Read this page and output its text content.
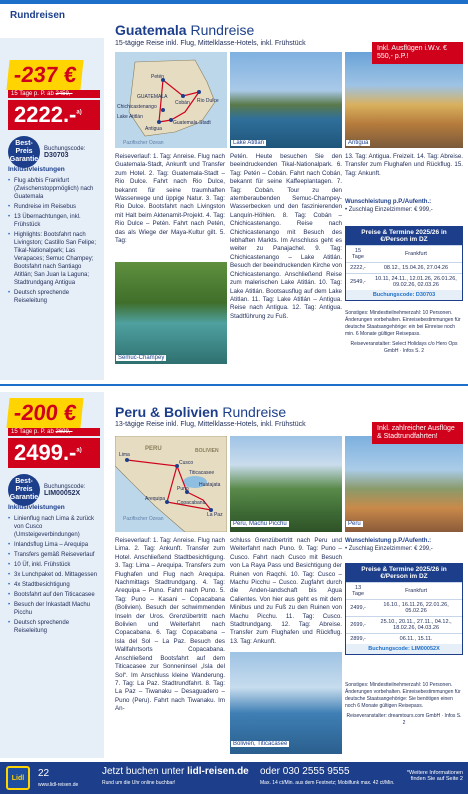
Rundreisen
-237 €
15 Tage p. P. ab 2459,-
2222.-$^{a)}$
Best-Preis Garantie
Buchungscode:
D30703
Inklusivleistungen
• Flug ab/bis Frankfurt (Zwischenstoppmöglich) nach Guatemala
• Rundreise im Reisebus
• 13 Übernachtungen, inkl. Frühstück
• Highlights: Bootsfahrt nach Livingston; Castillo San Felipe; Tikal-Nationalpark; Las Verapaces; Semuc Champey; Bootsfahrt nach Santiago Atitlán; San Juan la Laguna; Stadtrundgang Antigua
• Deutsch sprechende Reiseleitung
Guatemala Rundreise
15-tägige Reise inkl. Flug, Mittelklasse-Hotels, inkl. Frühstück
Petén
GUATEMALA
Cobán
Chichicastenango
Rio Dulce
Lake Atitlán
Guatemala-Stadt
Antigua
Pazifischer Ozean	Lake Atitlan	Antigua
Inkl. Ausflügen i.W.v. € 550,- p.P.!
Reiseverlauf: 1. Tag: Anreise. Flug nach Guatemala-Stadt, Ankunft und Transfer zum Hotel. 2. Tag: Guatemala-Stadt – Rio Dulce. Fahrt nach Rio Dulce, bekannt für seine traumhaften Wasserwege und üppige Natur. 3. Tag: Rio Dulce. Bootsfahrt nach Livingston mit Halt beim Aktenamit-Projekt. 4. Tag: Rio Dulce – Petén. Fahrt nach Petén, das als Wiege der Maya-Kultur gilt. 5. Tag:
Semuc-Champey
Petén. Heute besuchen Sie den beeindruckenden Tikal-Nationalpark. 6. Tag: Petén – Cobán. Fahrt nach Cobán, bekannt für seine Kaffeeplantagen. 7. Tag: Cobán. Tour zu den atemberaubenden Semuc-Champey-Wasserbecken und den faszinierenden Lanquín-Höhlen. 8. Tag: Cobán – Chichicastenango. Reise nach Chichicastenango mit Besuch des lebhaften Markts. Im Anschluss geht es weiter zu Panajachel. 9. Tag: Chichicastenango – Lake Atitlán. Besuch der beeindruckenden Kirche von Chichicastenango. Anschließend Reise zum malerischen Lake Atitlán. 10. Tag: Lake Atitlán. Bootsausflug auf dem Lake Atitlan. 11. Tag: Lake Atitlán – Antigua. Reise nach Antigua. 12. Tag: Antigua. Stadtführung zu Fuß.
13. Tag: Antigua. Freizeit. 14. Tag: Abreise. Transfer zum Flughafen und Rückflug. 15. Tag: Ankunft.
Wunschleistung p.P./Aufenth.:
• Zuschlag Einzelzimmer: € 999,-
Preise & Termine 2025/26 in €/Person im DZ
15 Tage	Frankfurt
2222,-	08.12., 15.04.26, 27.04.26
2549,-	10.11, 24.11., 12.01.26, 26.01.26, 09.02.26, 02.03.26
Buchungscode: D30703
Sonstiges: Mindestteilnehmerzahl: 10 Personen. Änderungen vorbehalten. Einreisebestimmungen für deutsche Staatsangehörige: ein bei Einreise noch min. 6 Monate gültiger Reisepass.
Reiseveranstalter: Select Holidays c/o Hero Ops GmbH · Infos S. 2
-200 €
15 Tage p. P. ab 2699,-
2499.-$^{a)}$
Best-Preis Garantie
Buchungscode:
LIM00052X
Inklusivleistungen
• Linienflug nach Lima & zurück von Cusco (Umsteigeverbindungen)
• Inlandsflug Lima – Arequipa
• Transfers gemäß Reiseverlauf
• 10 Üf, inkl. Frühstück
• 3x Lunchpaket od. Mittagessen
• 4x Stadtbesichtigung
• Bootsfahrt auf den Titicacasee
• Besuch der Inkastadt Machu Picchu
• Deutsch sprechende Reiseleitung
Peru & Bolivien Rundreise
13-tägige Reise inkl. Flug, Mittelklasse-Hotels, inkl. Frühstück
PERU	BOLIVIEN
Lima
Cusco
Titicacasee
Huatajata
Puno
Arequipa
Copacabana
La Paz
Pazifischer Ozean
Peru, Machu Picchu	Peru
Inkl. zahlreicher Ausflüge & Stadtrundfahrten!
Reiseverlauf: 1. Tag: Anreise. Flug nach Lima. 2. Tag: Ankunft. Transfer zum Hotel. Anschließend Stadtbesichtigung. 3. Tag: Lima – Arequipa. Transfers zum Flughafen und Flug nach Arequipa. Nachmittags Stadtrundgang. 4. Tag: Arequipa – Puno. Fahrt nach Puno. 5. Tag: Puno – Kasani – Copacabana (Bolivien). Besuch der schwimmenden Inseln der Uros. Grenzübertritt nach Bolivien und Weiterfahrt nach Copacabana. 6. Tag: Copacabana – Isla del Sol – La Paz. Besuch des Wallfahrtsorts Copacabana. Anschließend Bootsfahrt auf dem Titicacasee zur Sonneninsel „Isla del Sol“. Im Anschluss kleine Wanderung. 7. Tag: La Paz. Stadtrundfahrt. 8. Tag: La Paz – Tiwanaku – Desaguadero – Puno (Peru). Fahrt nach Tiwanaku. Im An-
schluss Grenzübertritt nach Peru und Weiterfahrt nach Puno. 9. Tag: Puno – Cusco. Fahrt nach Cusco mit Besuch von La Raya Pass und Besichtigung der Ruinen von Raqchi. 10. Tag: Cusco – Machu Picchu – Cusco. Zugfahrt durch die Anden-landschaft bis Agua Calientes. Von hier aus geht es mit dem Minibus und zu Fuß zu den Ruinen von Machu Picchu. 11. Tag: Cusco. Stadtrundgang. 12. Tag: Abreise. Transfer zum Flughafen und Rückflug. 13. Tag: Ankunft.
Bolivien, Titicacasee
Wunschleistung p.P./Aufenth.:
• Zuschlag Einzelzimmer: € 299,-
Preise & Termine 2025/26 in €/Person im DZ
13 Tage	Frankfurt
2499,-	16.10., 16.11.26, 22.01.26, 05.02.26
2699,-	25.10., 20.11., 27.11., 04.12., 18.02.26, 04.03.26
2899,-	06.11., 15.11.
Buchungscode: LIM00052X
Sonstiges: Mindestteilnehmerzahl: 10 Personen. Änderungen vorbehalten. Einreisebestimmungen für deutsche Staatsangehörige: Sie benötigen einen noch 6 Monate gültigen Reisepass.
Reiseveranstalter: dreamtours.com GmbH · Infos S. 2
Lidl	22
www.lidl-reisen.de
Jetzt buchen unter lidl-reisen.de
Rund um die Uhr online buchbar!
oder 030 2555 9555
Max. 14 ct/Min. aus dem Festnetz; Mobilfunk max. 42 ct/Min.
*Weitere Informationen finden Sie auf Seite 2
